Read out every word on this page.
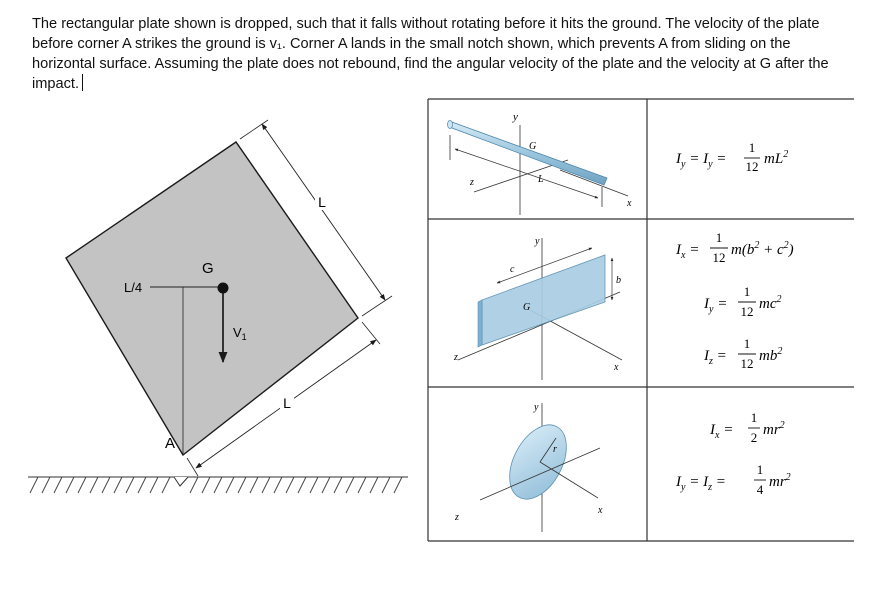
The rectangular plate shown is dropped, such that it falls without rotating before it hits the ground. The velocity of the plate before corner A strikes the ground is v₁. Corner A lands in the small notch shown, which prevents A from sliding on the horizontal surface. Assuming the plate does not rebound, find the angular velocity of the plate and the velocity at G after the impact.

L
L
L/4
G
$V_1$
A
y
G
z	L
x
$I_y = I_y$ =
1
12 $mL^2$
y
c
b
G
z
x
$I_x$ =
1
12 $m(b^2 + c^2)$
$I_y$ =
1
12 $mc^2$
$I_z$ =
1
12 $mb^2$
y
r
z
x
$I_x$ =
1
2 $mr^2$
$I_y = I_z$ =
1
4 $mr^2$
